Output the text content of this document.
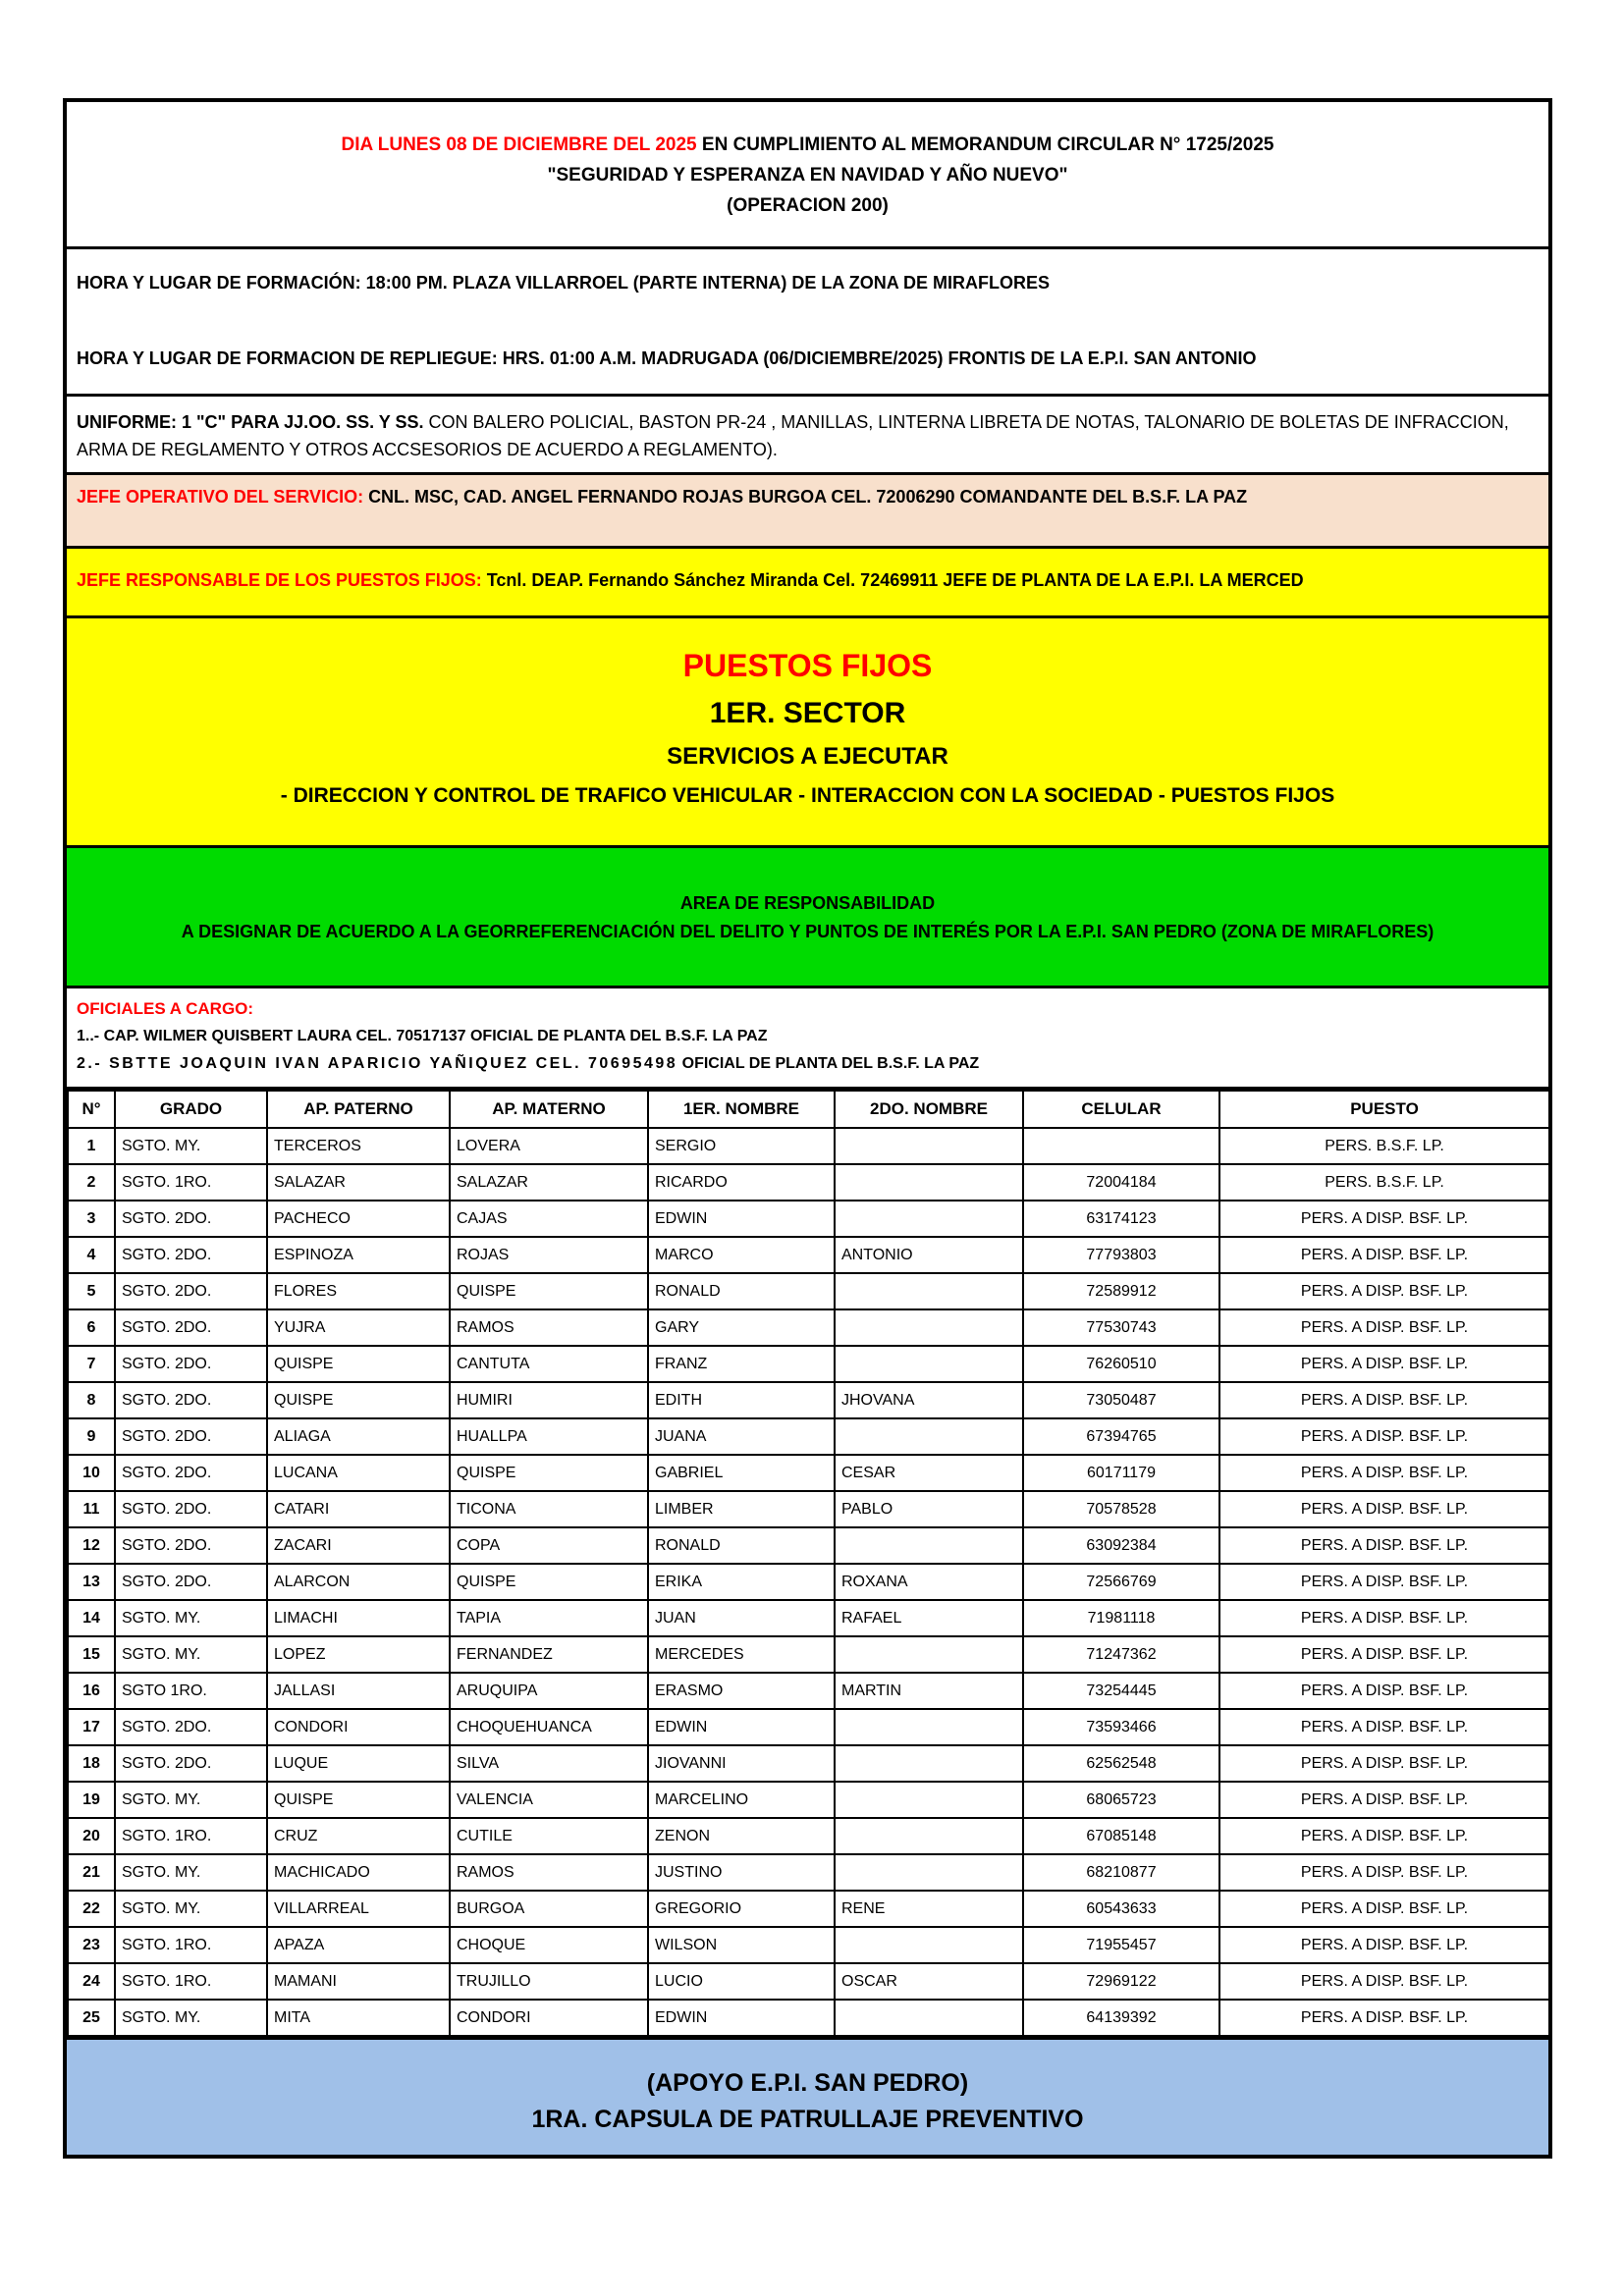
DIA LUNES 08 DE DICIEMBRE DEL 2025 EN CUMPLIMIENTO AL MEMORANDUM CIRCULAR N° 1725/2025

"SEGURIDAD Y ESPERANZA EN NAVIDAD Y AÑO NUEVO"

(OPERACION 200)

HORA Y LUGAR DE FORMACIÓN: 18:00 PM. PLAZA VILLARROEL (PARTE INTERNA) DE LA ZONA DE MIRAFLORES

HORA Y LUGAR DE FORMACION DE REPLIEGUE: HRS. 01:00 A.M. MADRUGADA (06/DICIEMBRE/2025) FRONTIS DE LA E.P.I. SAN ANTONIO

UNIFORME: 1 "C" PARA JJ.OO. SS. Y SS. CON BALERO POLICIAL, BASTON PR-24 , MANILLAS, LINTERNA LIBRETA DE NOTAS, TALONARIO DE BOLETAS DE INFRACCION, ARMA DE REGLAMENTO Y OTROS ACCSESORIOS DE ACUERDO A REGLAMENTO).

JEFE OPERATIVO DEL SERVICIO: CNL. MSC, CAD. ANGEL FERNANDO ROJAS BURGOA CEL. 72006290 COMANDANTE DEL B.S.F. LA PAZ

JEFE RESPONSABLE DE LOS PUESTOS FIJOS: Tcnl. DEAP. Fernando Sánchez Miranda Cel. 72469911 JEFE DE PLANTA DE LA E.P.I. LA MERCED

PUESTOS FIJOS

1ER. SECTOR

SERVICIOS A EJECUTAR

- DIRECCION Y CONTROL DE TRAFICO VEHICULAR - INTERACCION CON LA SOCIEDAD - PUESTOS FIJOS

AREA DE RESPONSABILIDAD

A DESIGNAR DE ACUERDO A LA GEORREFERENCIACIÓN DEL DELITO Y PUNTOS DE INTERÉS POR LA E.P.I. SAN PEDRO (ZONA DE MIRAFLORES)

OFICIALES A CARGO:

1..- CAP. WILMER QUISBERT LAURA CEL. 70517137 OFICIAL DE PLANTA DEL B.S.F. LA PAZ

2.- SBTTE JOAQUIN IVAN APARICIO YAÑIQUEZ CEL. 70695498 OFICIAL DE PLANTA DEL B.S.F. LA PAZ

N°	GRADO	AP. PATERNO	AP. MATERNO	1ER. NOMBRE	2DO. NOMBRE	CELULAR	PUESTO
1	SGTO. MY.	TERCEROS	LOVERA	SERGIO			PERS. B.S.F. LP.
2	SGTO. 1RO.	SALAZAR	SALAZAR	RICARDO		72004184	PERS. B.S.F. LP.
3	SGTO. 2DO.	PACHECO	CAJAS	EDWIN		63174123	PERS. A DISP. BSF. LP.
4	SGTO. 2DO.	ESPINOZA	ROJAS	MARCO	ANTONIO	77793803	PERS. A DISP. BSF. LP.
5	SGTO. 2DO.	FLORES	QUISPE	RONALD		72589912	PERS. A DISP. BSF. LP.
6	SGTO. 2DO.	YUJRA	RAMOS	GARY		77530743	PERS. A DISP. BSF. LP.
7	SGTO. 2DO.	QUISPE	CANTUTA	FRANZ		76260510	PERS. A DISP. BSF. LP.
8	SGTO. 2DO.	QUISPE	HUMIRI	EDITH	JHOVANA	73050487	PERS. A DISP. BSF. LP.
9	SGTO. 2DO.	ALIAGA	HUALLPA	JUANA		67394765	PERS. A DISP. BSF. LP.
10	SGTO. 2DO.	LUCANA	QUISPE	GABRIEL	CESAR	60171179	PERS. A DISP. BSF. LP.
11	SGTO. 2DO.	CATARI	TICONA	LIMBER	PABLO	70578528	PERS. A DISP. BSF. LP.
12	SGTO. 2DO.	ZACARI	COPA	RONALD		63092384	PERS. A DISP. BSF. LP.
13	SGTO. 2DO.	ALARCON	QUISPE	ERIKA	ROXANA	72566769	PERS. A DISP. BSF. LP.
14	SGTO. MY.	LIMACHI	TAPIA	JUAN	RAFAEL	71981118	PERS. A DISP. BSF. LP.
15	SGTO. MY.	LOPEZ	FERNANDEZ	MERCEDES		71247362	PERS. A DISP. BSF. LP.
16	SGTO 1RO.	JALLASI	ARUQUIPA	ERASMO	MARTIN	73254445	PERS. A DISP. BSF. LP.
17	SGTO. 2DO.	CONDORI	CHOQUEHUANCA	EDWIN		73593466	PERS. A DISP. BSF. LP.
18	SGTO. 2DO.	LUQUE	SILVA	JIOVANNI		62562548	PERS. A DISP. BSF. LP.
19	SGTO. MY.	QUISPE	VALENCIA	MARCELINO		68065723	PERS. A DISP. BSF. LP.
20	SGTO. 1RO.	CRUZ	CUTILE	ZENON		67085148	PERS. A DISP. BSF. LP.
21	SGTO. MY.	MACHICADO	RAMOS	JUSTINO		68210877	PERS. A DISP. BSF. LP.
22	SGTO. MY.	VILLARREAL	BURGOA	GREGORIO	RENE	60543633	PERS. A DISP. BSF. LP.
23	SGTO. 1RO.	APAZA	CHOQUE	WILSON		71955457	PERS. A DISP. BSF. LP.
24	SGTO. 1RO.	MAMANI	TRUJILLO	LUCIO	OSCAR	72969122	PERS. A DISP. BSF. LP.
25	SGTO. MY.	MITA	CONDORI	EDWIN		64139392	PERS. A DISP. BSF. LP.

(APOYO E.P.I. SAN PEDRO)

1RA. CAPSULA DE PATRULLAJE PREVENTIVO
